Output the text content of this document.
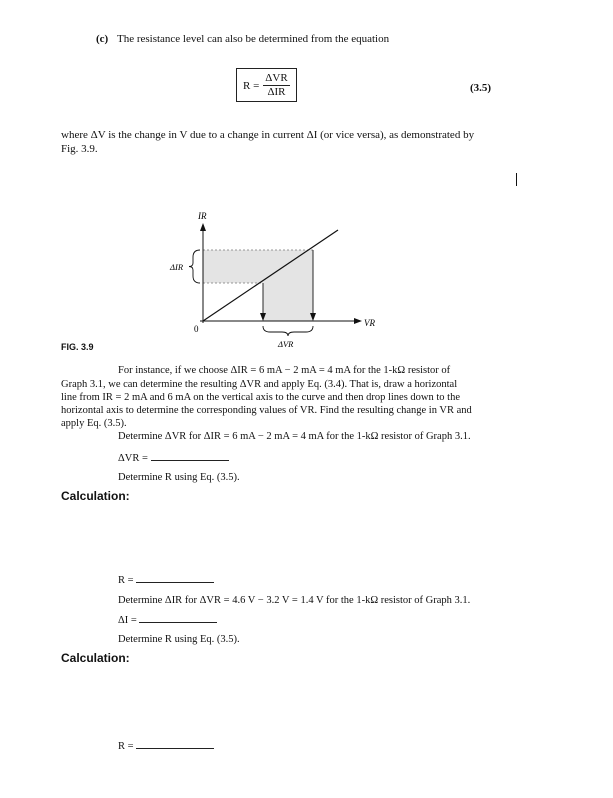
(c) The resistance level can also be determined from the equation
$R = \frac{\text{ΔVR}}{\text{ΔIR}}$	(3.5)
where ΔV is the change in V due to a change in current ΔI (or vice versa), as demonstrated by
Fig. 3.9.
IR
VR
0
ΔIR
ΔVR
FIG. 3.9
For instance, if we choose ΔIR = 6 mA − 2 mA = 4 mA for the 1-kΩ resistor of
Graph 3.1, we can determine the resulting ΔVR and apply Eq. (3.4). That is, draw a horizontal
line from IR = 2 mA and 6 mA on the vertical axis to the curve and then drop lines down to the
horizontal axis to determine the corresponding values of VR. Find the resulting change in VR and
apply Eq. (3.5).
Determine ΔVR for ΔIR = 6 mA − 2 mA = 4 mA for the 1-kΩ resistor of Graph 3.1.
ΔVR =
Determine R using Eq. (3.5).
Calculation:
R =
Determine ΔIR for ΔVR = 4.6 V − 3.2 V = 1.4 V for the 1-kΩ resistor of Graph 3.1.
ΔI =
Determine R using Eq. (3.5).
Calculation:
R =
